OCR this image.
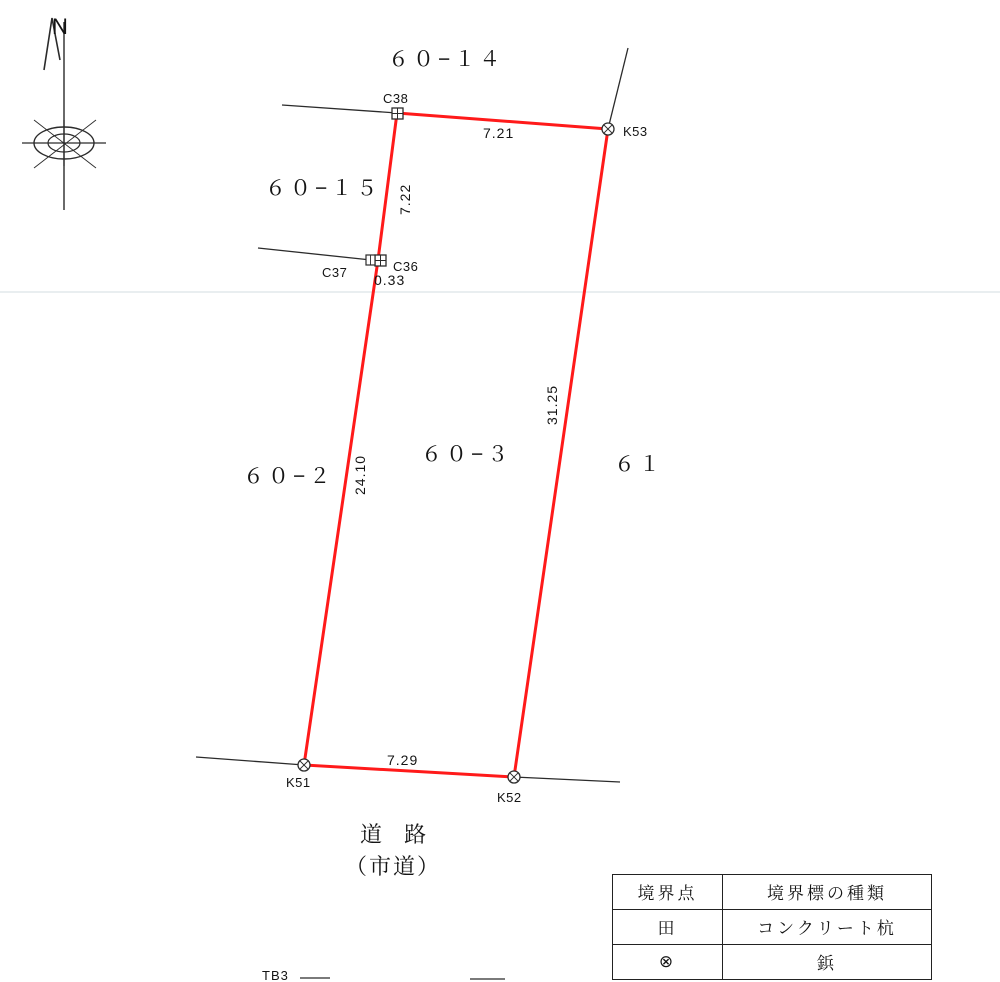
N
６０−１４
６０−１５
６０−３
６０−２
６１
7.21
7.22
0.33
24.10
31.25
7.29
C38
K53
C37	C36
K51
K52
道 路
（市道）
TB3
境界点	境界標の種類
田	コンクリート杭
⊗	鋲
